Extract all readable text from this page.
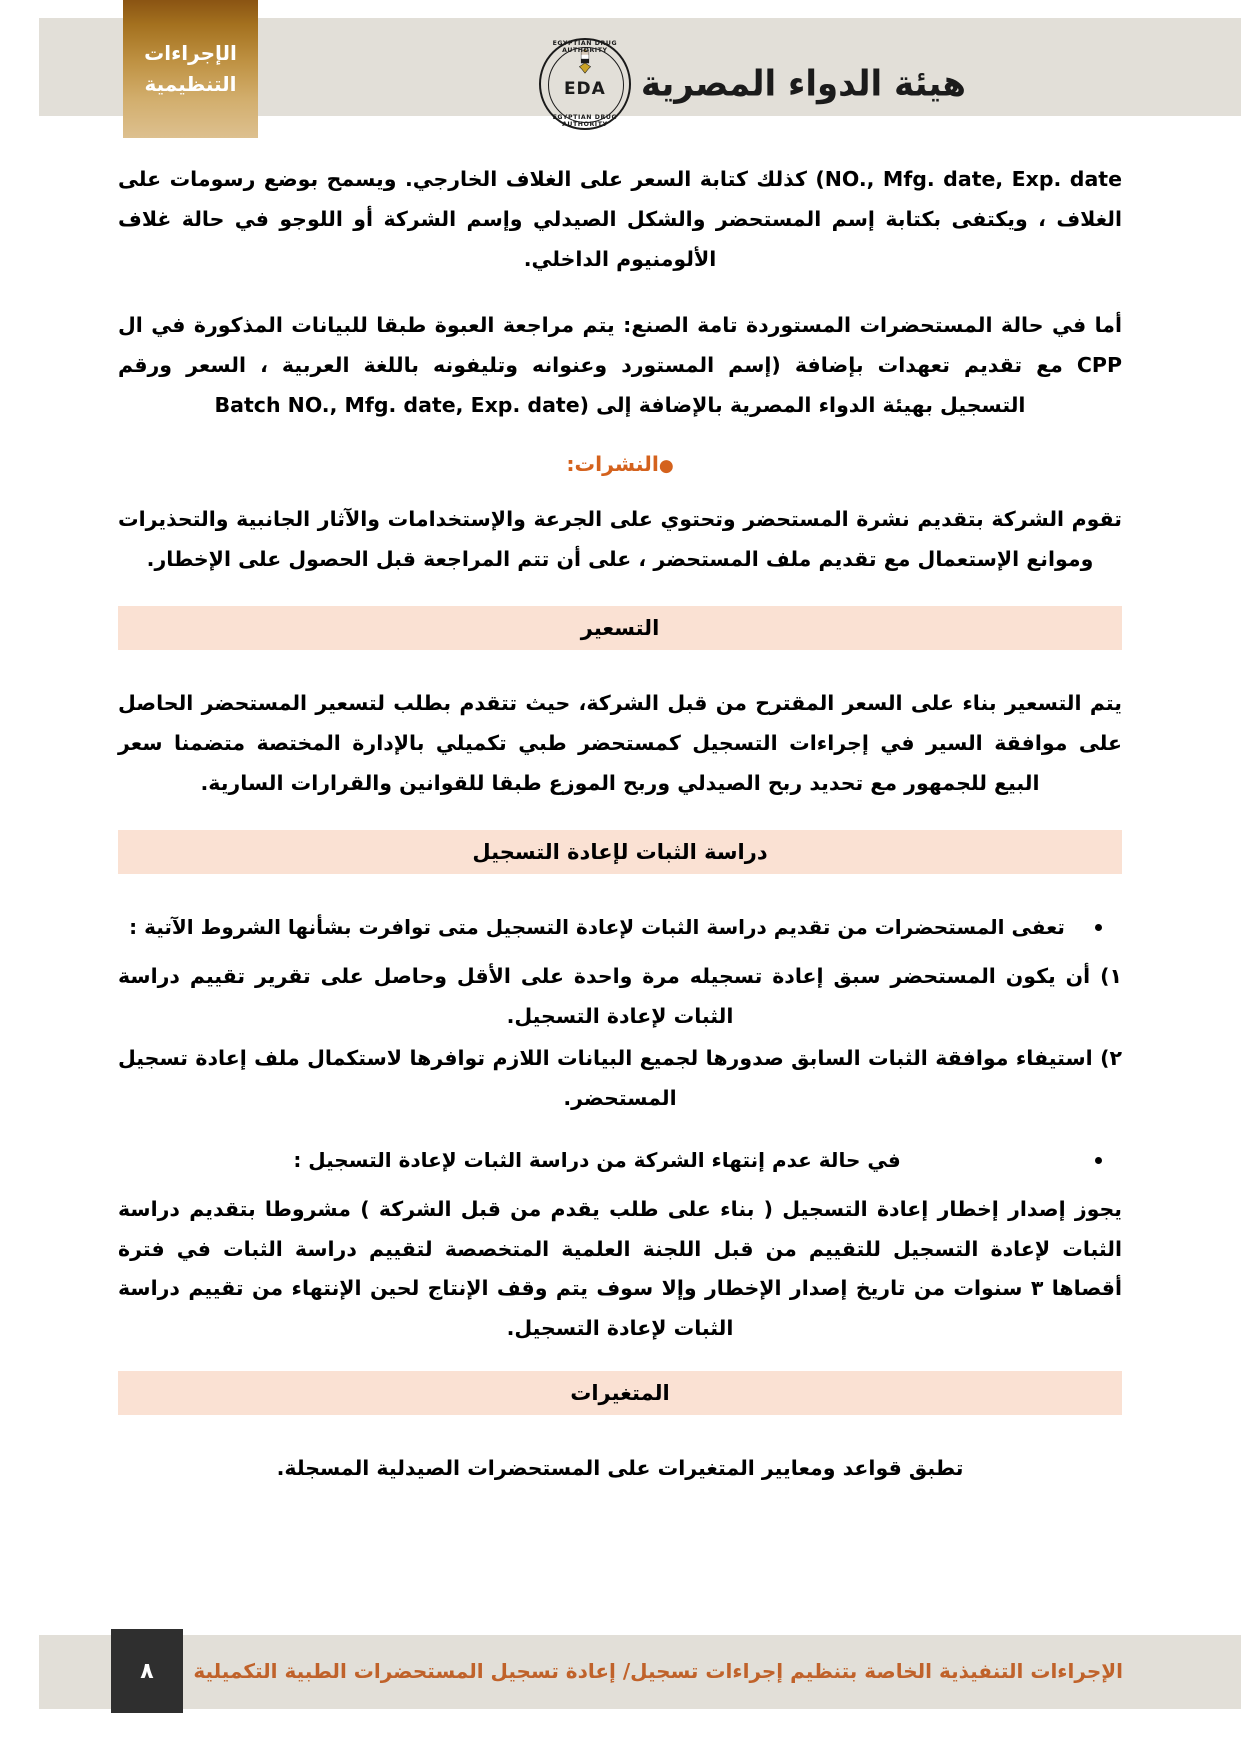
الإجراءات
التنظيمية	هيئة الدواء المصرية
EGYPTIAN DRUG AUTHORITY
EDA
EGYPTIAN DRUG AUTHORITY

NO., Mfg. date, Exp. date) كذلك كتابة السعر على الغلاف الخارجي. ويسمح بوضع رسومات على الغلاف ، ويكتفى بكتابة إسم المستحضر والشكل الصيدلي وإسم الشركة أو اللوجو في حالة غلاف الألومنيوم الداخلي.

أما في حالة المستحضرات المستوردة تامة الصنع: يتم مراجعة العبوة طبقا للبيانات المذكورة في ال CPP مع تقديم تعهدات بإضافة (إسم المستورد وعنوانه وتليفونه باللغة العربية ، السعر ورقم التسجيل بهيئة الدواء المصرية بالإضافة إلى (Batch NO., Mfg. date, Exp. date

●النشرات:

تقوم الشركة بتقديم نشرة المستحضر وتحتوي على الجرعة والإستخدامات والآثار الجانبية والتحذيرات وموانع الإستعمال مع تقديم ملف المستحضر ، على أن تتم المراجعة قبل الحصول على الإخطار.

التسعير

يتم التسعير بناء على السعر المقترح من قبل الشركة، حيث تتقدم بطلب لتسعير المستحضر الحاصل على موافقة السير في إجراءات التسجيل كمستحضر طبي تكميلي بالإدارة المختصة متضمنا سعر البيع للجمهور مع تحديد ربح الصيدلي وربح الموزع طبقا للقوانين والقرارات السارية.

دراسة الثبات لإعادة التسجيل
تعفى المستحضرات من تقديم دراسة الثبات لإعادة التسجيل متى توافرت بشأنها الشروط الآتية :
١) أن يكون المستحضر سبق إعادة تسجيله مرة واحدة على الأقل وحاصل على تقرير تقييم دراسة الثبات لإعادة التسجيل.
٢) استيفاء موافقة الثبات السابق صدورها لجميع البيانات اللازم توافرها لاستكمال ملف إعادة تسجيل المستحضر.
في حالة عدم إنتهاء الشركة من دراسة الثبات لإعادة التسجيل :

يجوز إصدار إخطار إعادة التسجيل ( بناء على طلب يقدم من قبل الشركة ) مشروطا بتقديم دراسة الثبات لإعادة التسجيل للتقييم من قبل اللجنة العلمية المتخصصة لتقييم دراسة الثبات في فترة أقصاها ٣ سنوات من تاريخ إصدار الإخطار وإلا سوف يتم وقف الإنتاج لحين الإنتهاء من تقييم دراسة الثبات لإعادة التسجيل.

المتغيرات

تطبق قواعد ومعايير المتغيرات على المستحضرات الصيدلية المسجلة.

٨ الإجراءات التنفيذية الخاصة بتنظيم إجراءات تسجيل/ إعادة تسجيل المستحضرات الطبية التكميلية
